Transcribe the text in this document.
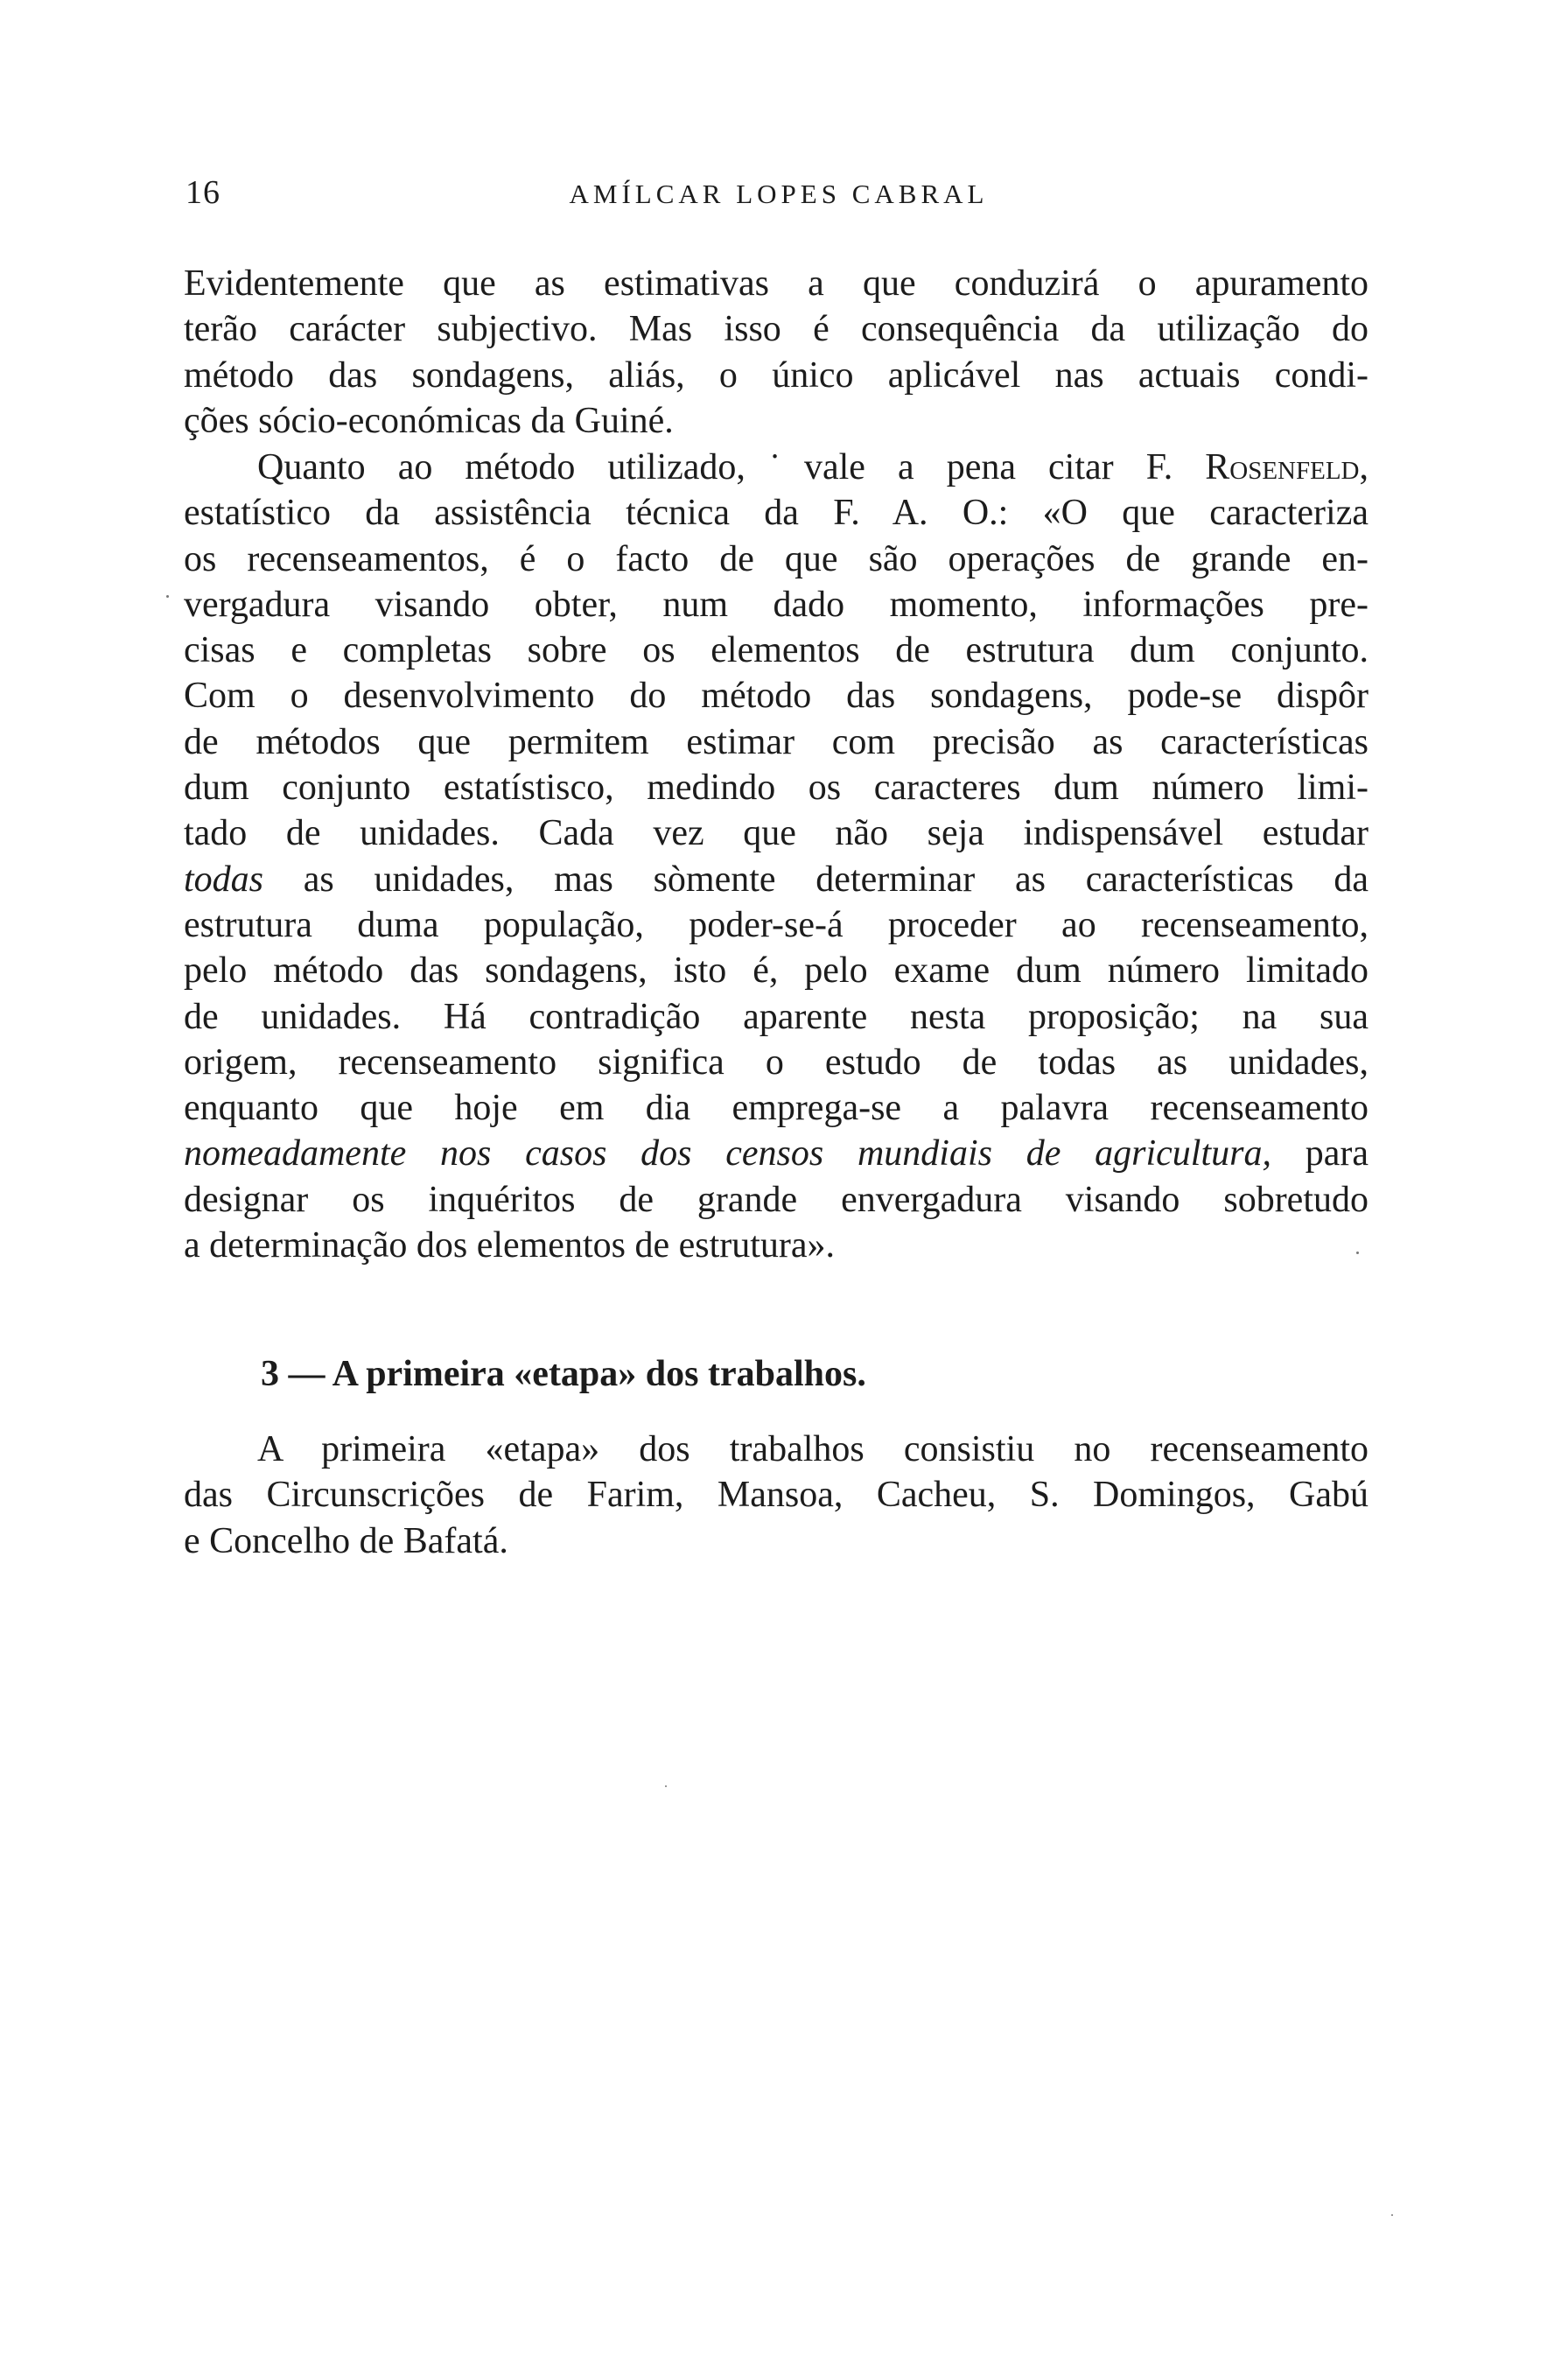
16	AMÍLCAR LOPES CABRAL
Evidentemente que as estimativas a que conduzirá o apuramento
terão carácter subjectivo. Mas isso é consequência da utilização do
método das sondagens, aliás, o único aplicável nas actuais condi-
ções sócio-económicas da Guiné.
Quanto ao método utilizado,˙vale a pena citar F. Rosenfeld,
estatístico da assistência técnica da F. A. O.: «O que caracteriza
os recenseamentos, é o facto de que são operações de grande en-
vergadura visando obter, num dado momento, informações pre-
cisas e completas sobre os elementos de estrutura dum conjunto.
Com o desenvolvimento do método das sondagens, pode-se dispôr
de métodos que permitem estimar com precisão as características
dum conjunto estatístisco, medindo os caracteres dum número limi-
tado de unidades. Cada vez que não seja indispensável estudar
todas as unidades, mas sòmente determinar as características da
estrutura duma população, poder-se-á proceder ao recenseamento,
pelo método das sondagens, isto é, pelo exame dum número limitado
de unidades. Há contradição aparente nesta proposição; na sua
origem, recenseamento significa o estudo de todas as unidades,
enquanto que hoje em dia emprega-se a palavra recenseamento
nomeadamente nos casos dos censos mundiais de agricultura, para
designar os inquéritos de grande envergadura visando sobretudo
a determinação dos elementos de estrutura».
3 — A primeira «etapa» dos trabalhos.
A primeira «etapa» dos trabalhos consistiu no recenseamento
das Circunscrições de Farim, Mansoa, Cacheu, S. Domingos, Gabú
e Concelho de Bafatá.
